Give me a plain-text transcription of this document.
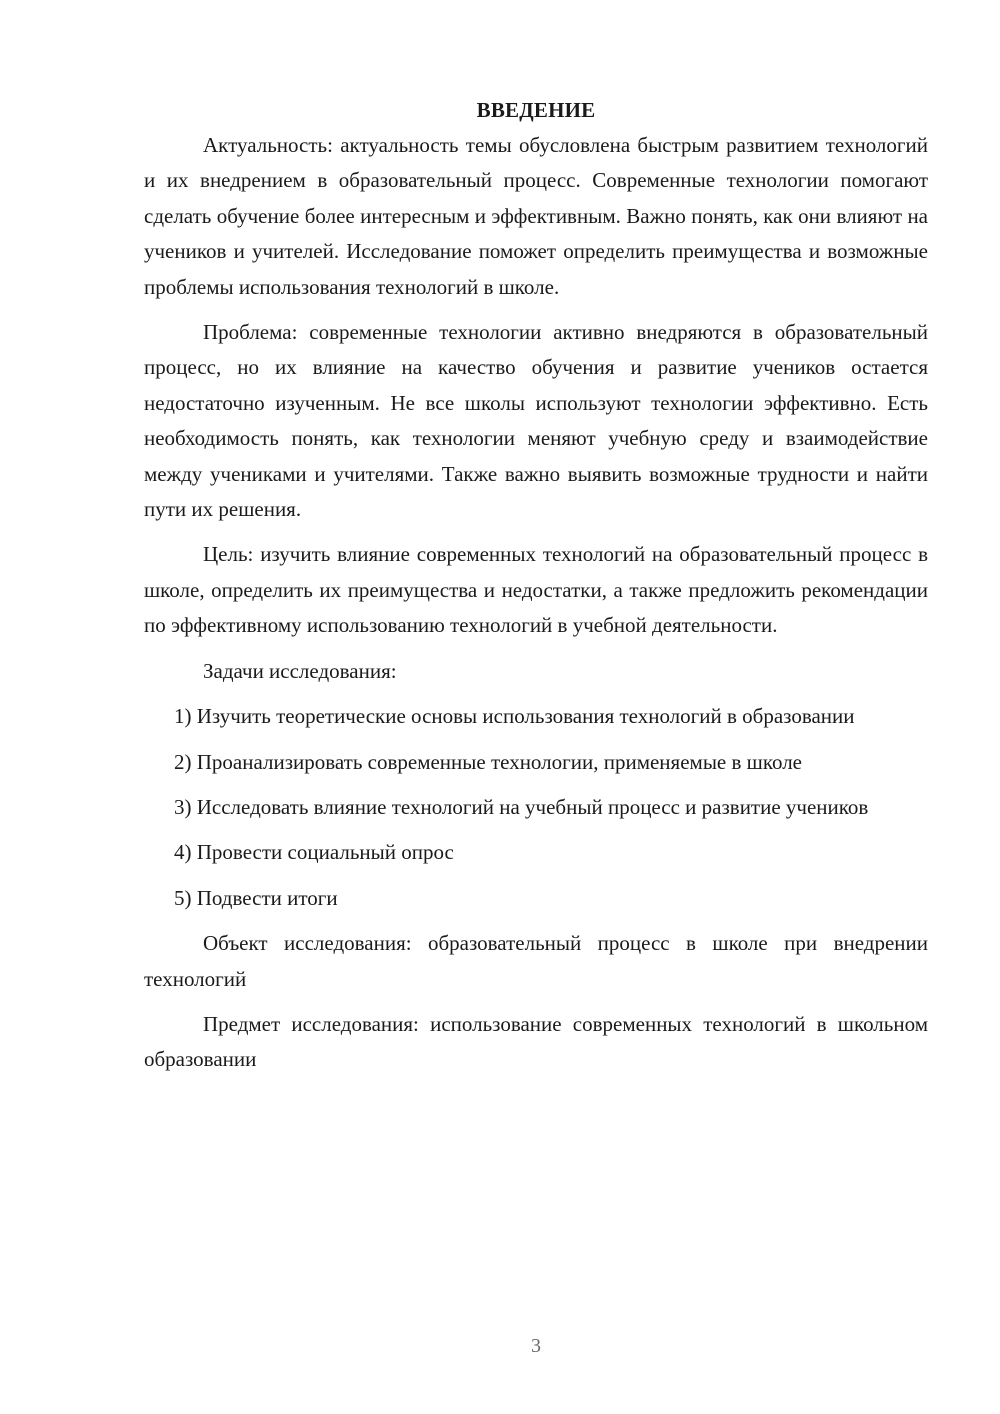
ВВЕДЕНИЕ

Актуальность: актуальность темы обусловлена быстрым развитием технологий и их внедрением в образовательный процесс. Современные технологии помогают сделать обучение более интересным и эффективным. Важно понять, как они влияют на учеников и учителей. Исследование поможет определить преимущества и возможные проблемы использования технологий в школе.

Проблема: современные технологии активно внедряются в образовательный процесс, но их влияние на качество обучения и развитие учеников остается недостаточно изученным. Не все школы используют технологии эффективно. Есть необходимость понять, как технологии меняют учебную среду и взаимодействие между учениками и учителями. Также важно выявить возможные трудности и найти пути их решения.

Цель: изучить влияние современных технологий на образовательный процесс в школе, определить их преимущества и недостатки, а также предложить рекомендации по эффективному использованию технологий в учебной деятельности.

Задачи исследования:

1) Изучить теоретические основы использования технологий в образовании

2) Проанализировать современные технологии, применяемые в школе

3) Исследовать влияние технологий на учебный процесс и развитие учеников

4) Провести социальный опрос

5) Подвести итоги

Объект исследования: образовательный процесс в школе при внедрении технологий

Предмет исследования: использование современных технологий в школьном образовании

3
